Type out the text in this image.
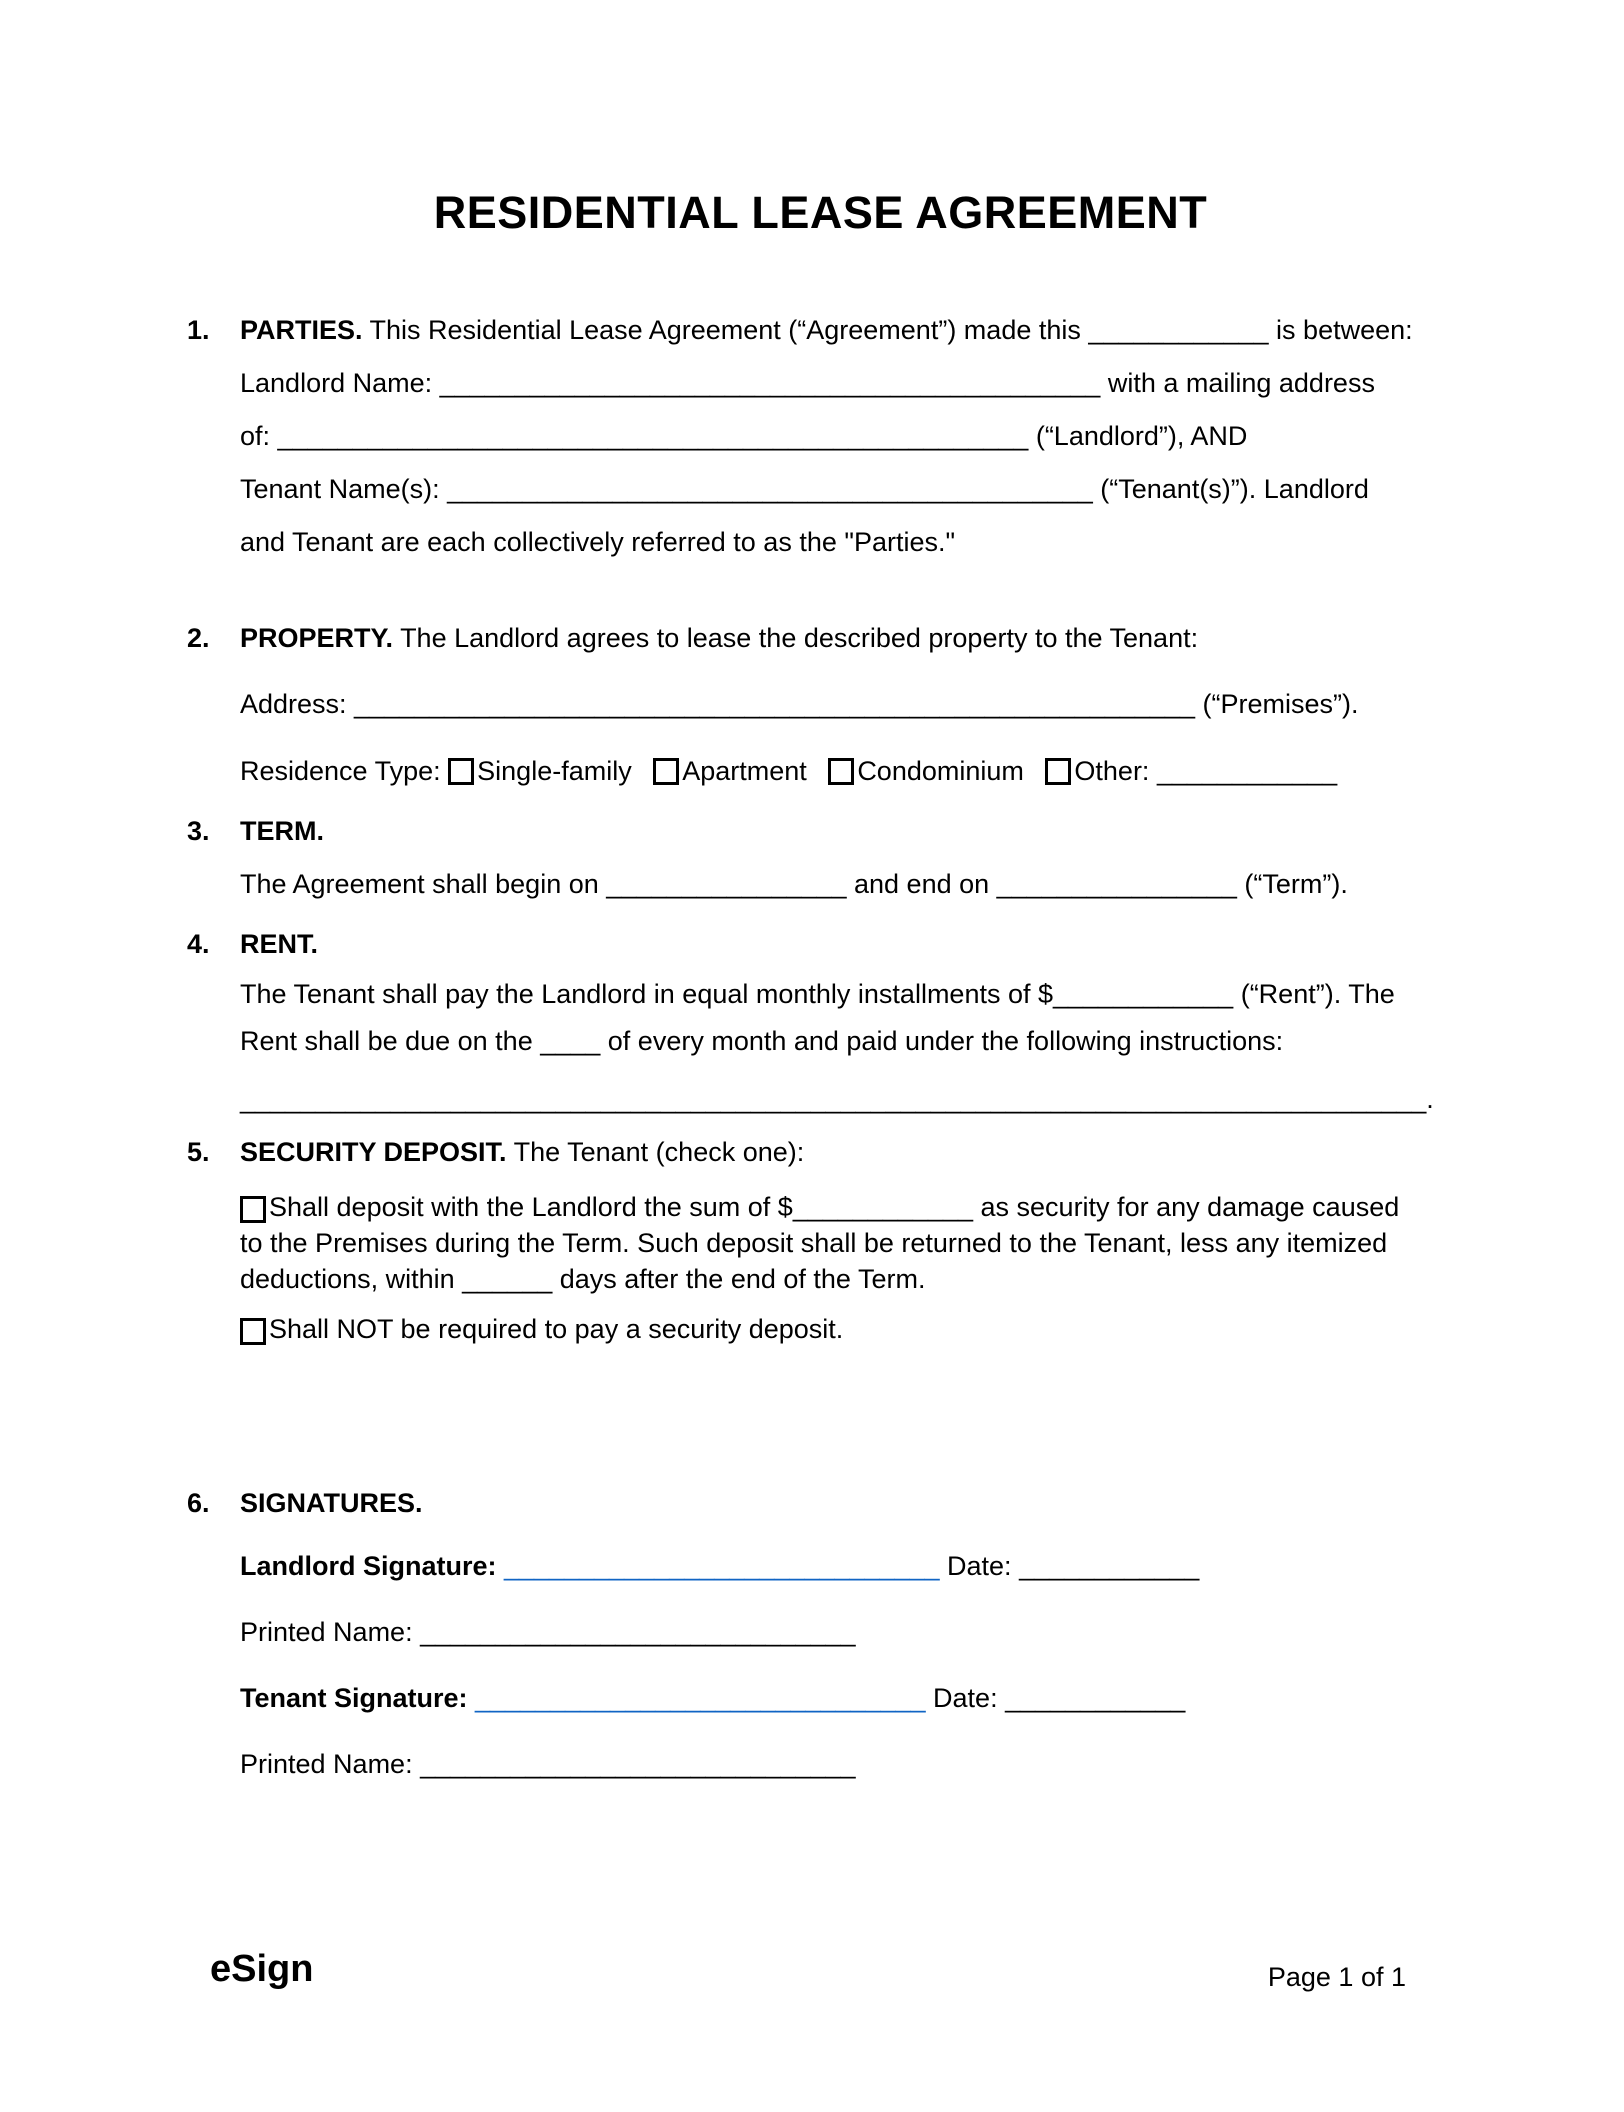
RESIDENTIAL LEASE AGREEMENT
1.	PARTIES. This Residential Lease Agreement (“Agreement”) made this ____________ is between:
Landlord Name: ____________________________________________ with a mailing address
of: __________________________________________________ (“Landlord”), AND
Tenant Name(s): ___________________________________________ (“Tenant(s)”). Landlord
and Tenant are each collectively referred to as the "Parties."
2.	PROPERTY. The Landlord agrees to lease the described property to the Tenant:
Address: ________________________________________________________ (“Premises”).
Residence Type: Single-family Apartment Condominium Other: ____________
3.	TERM.
The Agreement shall begin on ________________ and end on ________________ (“Term”).
4.	RENT.
The Tenant shall pay the Landlord in equal monthly installments of $____________ (“Rent”). The
Rent shall be due on the ____ of every month and paid under the following instructions:
_______________________________________________________________________________.
5.	SECURITY DEPOSIT. The Tenant (check one):
Shall deposit with the Landlord the sum of $____________ as security for any damage caused
to the Premises during the Term. Such deposit shall be returned to the Tenant, less any itemized
deductions, within ______ days after the end of the Term.
Shall NOT be required to pay a security deposit.
6.	SIGNATURES.
Landlord Signature: _____________________________ Date: ____________
Printed Name: _____________________________
Tenant Signature: ______________________________ Date: ____________
Printed Name: _____________________________
eSign	Page 1 of 1
